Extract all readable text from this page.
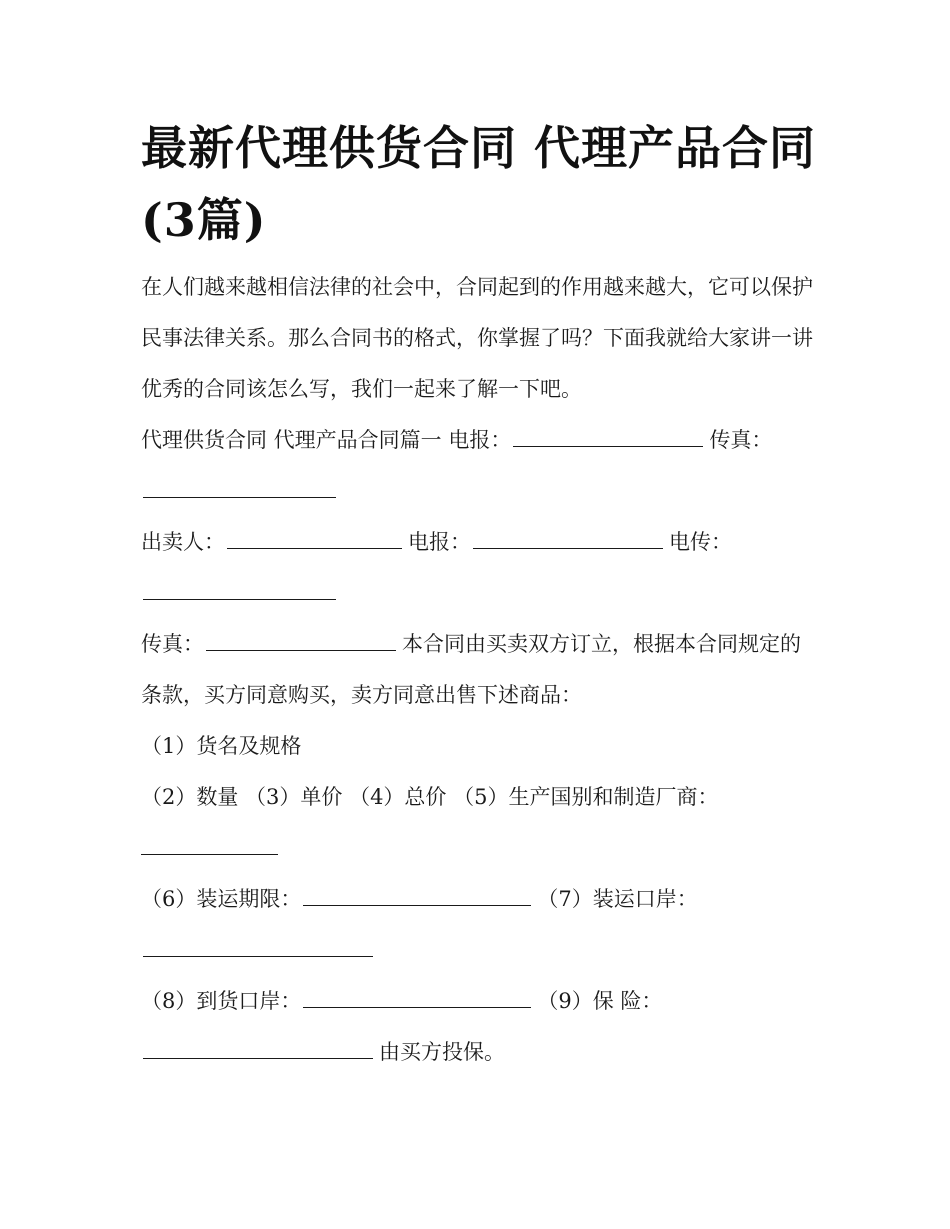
最新代理供货合同 代理产品合同(3篇)

在人们越来越相信法律的社会中，合同起到的作用越来越大，它可以保护民事法律关系。那么合同书的格式，你掌握了吗？下面我就给大家讲一讲优秀的合同该怎么写，我们一起来了解一下吧。

代理供货合同 代理产品合同篇一 电报：	传真：

出卖人：	电报：	电传：

传真：	本合同由买卖双方订立，根据本合同规定的条款，买方同意购买，卖方同意出售下述商品：

（1）货名及规格

（2）数量 （3）单价 （4）总价 （5）生产国别和制造厂商：

（6）装运期限：	（7）装运口岸：

（8）到货口岸：	（9）保 险：由买方投保。
